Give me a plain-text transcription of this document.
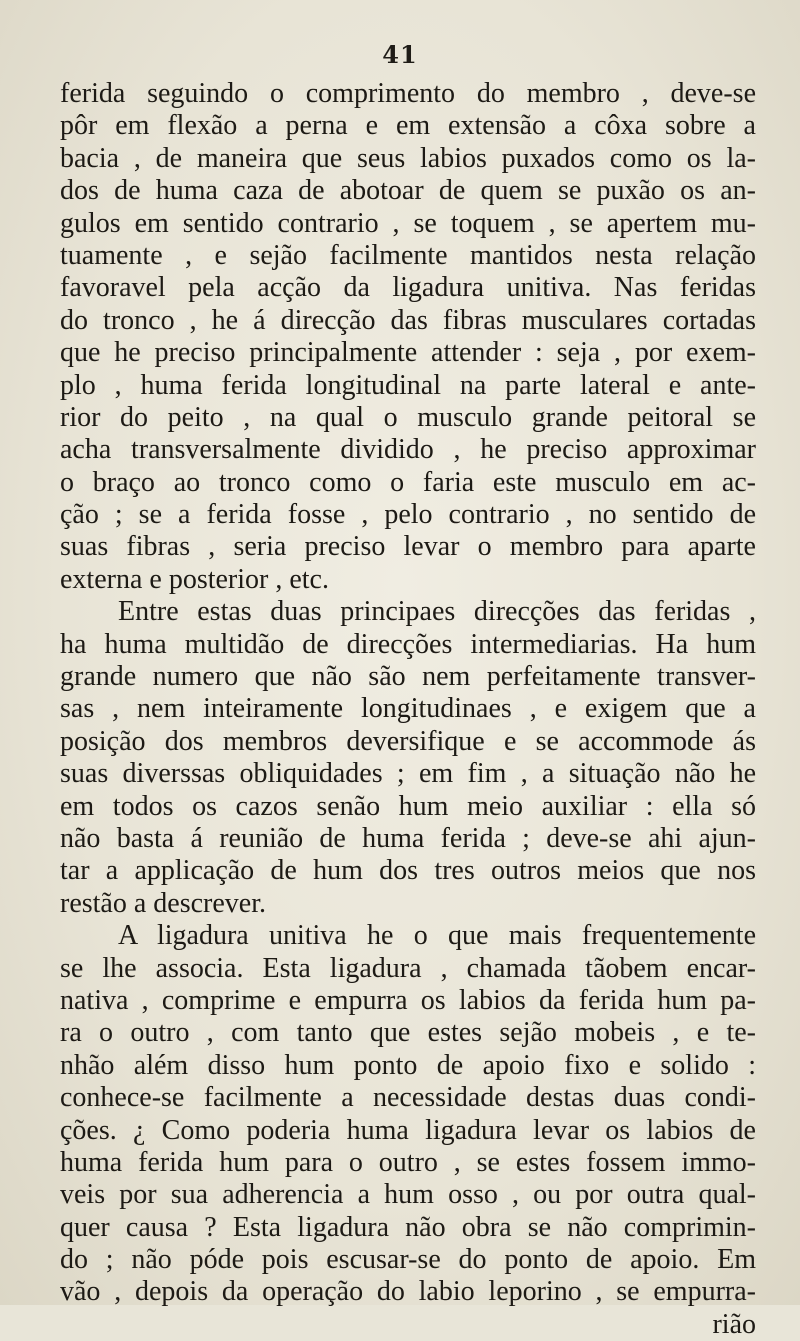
41
ferida seguindo o comprimento do membro , deve-se
pôr em flexão a perna e em extensão a côxa sobre a
bacia , de maneira que seus labios puxados como os la-
dos de huma caza de abotoar de quem se puxão os an-
gulos em sentido contrario , se toquem , se apertem mu-
tuamente , e sejão facilmente mantidos nesta relação
favoravel pela acção da ligadura unitiva. Nas feridas
do tronco , he á direcção das fibras musculares cortadas
que he preciso principalmente attender : seja , por exem-
plo , huma ferida longitudinal na parte lateral e ante-
rior do peito , na qual o musculo grande peitoral se
acha transversalmente dividido , he preciso approximar
o braço ao tronco como o faria este musculo em ac-
ção ; se a ferida fosse , pelo contrario , no sentido de
suas fibras , seria preciso levar o membro para aparte
externa e posterior , etc.
Entre estas duas principaes direcções das feridas ,
ha huma multidão de direcções intermediarias. Ha hum
grande numero que não são nem perfeitamente transver-
sas , nem inteiramente longitudinaes , e exigem que a
posição dos membros deversifique e se accommode ás
suas diverssas obliquidades ; em fim , a situação não he
em todos os cazos senão hum meio auxiliar : ella só
não basta á reunião de huma ferida ; deve-se ahi ajun-
tar a applicação de hum dos tres outros meios que nos
restão a descrever.
A ligadura unitiva he o que mais frequentemente
se lhe associa. Esta ligadura , chamada tãobem encar-
nativa , comprime e empurra os labios da ferida hum pa-
ra o outro , com tanto que estes sejão mobeis , e te-
nhão além disso hum ponto de apoio fixo e solido :
conhece-se facilmente a necessidade destas duas condi-
ções. ¿ Como poderia huma ligadura levar os labios de
huma ferida hum para o outro , se estes fossem immo-
veis por sua adherencia a hum osso , ou por outra qual-
quer causa ? Esta ligadura não obra se não comprimin-
do ; não póde pois escusar-se do ponto de apoio. Em
vão , depois da operação do labio leporino , se empurra-
rião
